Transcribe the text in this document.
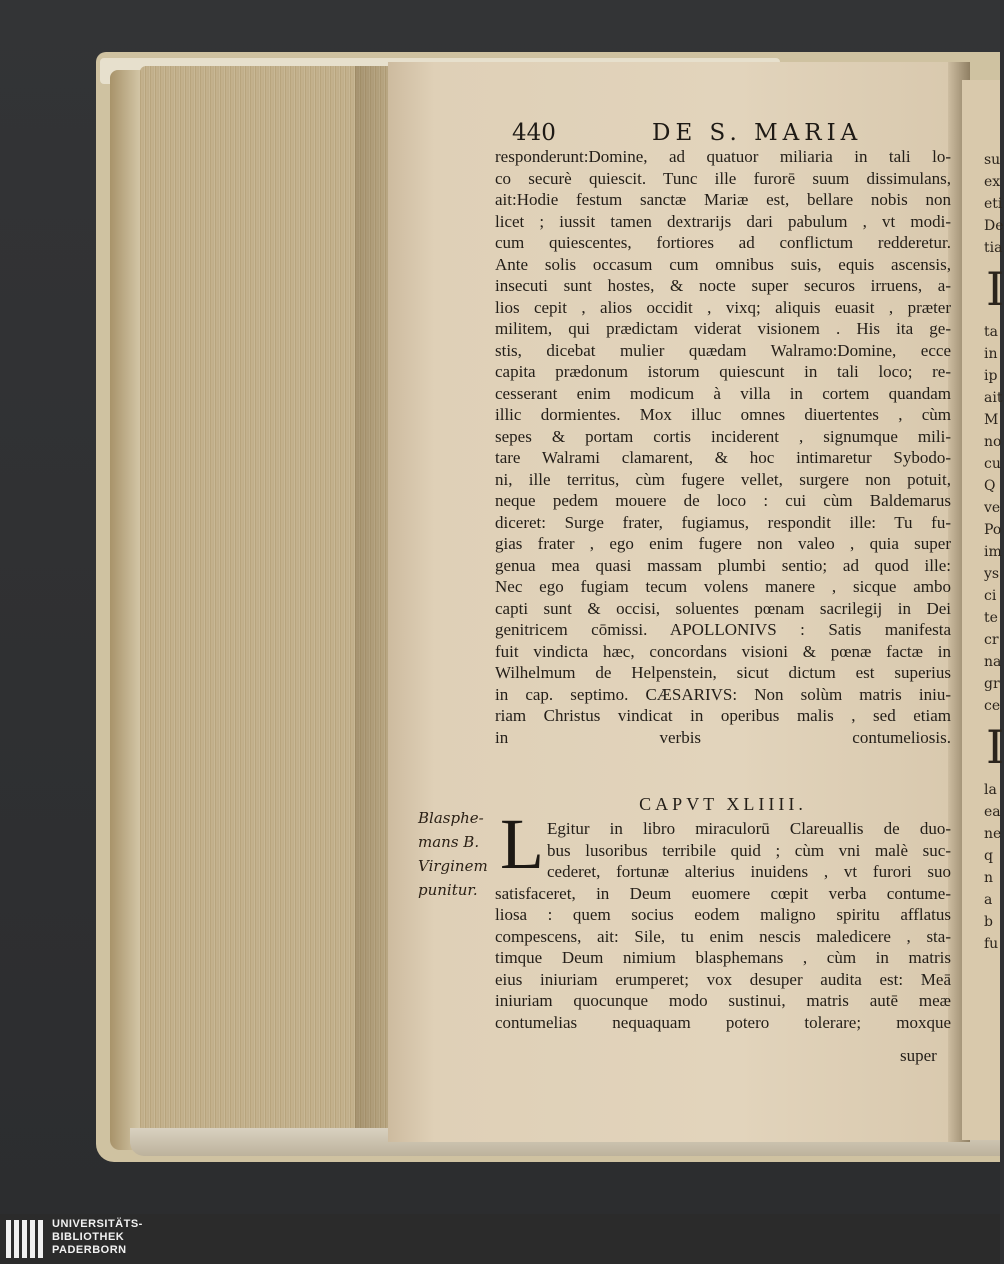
su
ex
eti
De
tia
I
ta
in
ip
ait
M
no
cu
Q
ve
Po
im
ys
ci
te
cr
na
gr
ce
I
la
ea
ne
q
n
a
b
fu
440	DE S. MARIA
responderunt:Domine, ad quatuor miliaria in tali lo-
co securè quiescit. Tunc ille furorē suum dissimulans,
ait:Hodie festum sanctæ Mariæ est, bellare nobis non
licet ; iussit tamen dextrarijs dari pabulum , vt modi-
cum quiescentes, fortiores ad conflictum redderetur.
Ante solis occasum cum omnibus suis, equis ascensis,
insecuti sunt hostes, & nocte super securos irruens, a-
lios cepit , alios occidit , vixq; aliquis euasit , præter
militem, qui prædictam viderat visionem . His ita ge-
stis, dicebat mulier quædam Walramo:Domine, ecce
capita prædonum istorum quiescunt in tali loco; re-
cesserant enim modicum à villa in cortem quandam
illic dormientes. Mox illuc omnes diuertentes , cùm
sepes & portam cortis inciderent , signumque mili-
tare Walrami clamarent, & hoc intimaretur Sybodo-
ni, ille territus, cùm fugere vellet, surgere non potuit,
neque pedem mouere de loco : cui cùm Baldemarus
diceret: Surge frater, fugiamus, respondit ille: Tu fu-
gias frater , ego enim fugere non valeo , quia super
genua mea quasi massam plumbi sentio; ad quod ille:
Nec ego fugiam tecum volens manere , sicque ambo
capti sunt & occisi, soluentes pœnam sacrilegij in Dei
genitricem cōmissi. APOLLONIVS : Satis manifesta
fuit vindicta hæc, concordans visioni & pœnæ factæ in
Wilhelmum de Helpenstein, sicut dictum est superius
in cap. septimo. CÆSARIVS: Non solùm matris iniu-
riam Christus vindicat in operibus malis , sed etiam
in verbis contumeliosis.
CAPVT XLIIII.
L Egitur in libro miraculorū Clareuallis de duo-
bus lusoribus terribile quid ; cùm vni malè suc-
cederet, fortunæ alterius inuidens , vt furori suo
satisfaceret, in Deum euomere cœpit verba contume-
liosa : quem socius eodem maligno spiritu afflatus
compescens, ait: Sile, tu enim nescis maledicere , sta-
timque Deum nimium blasphemans , cùm in matris
eius iniuriam erumperet; vox desuper audita est: Meā
iniuriam quocunque modo sustinui, matris autē meæ
contumelias nequaquam potero tolerare; moxque
super
Blasphe-
mans B.
Virginem
punitur.
UNIVERSITÄTS-
BIBLIOTHEK
PADERBORN
